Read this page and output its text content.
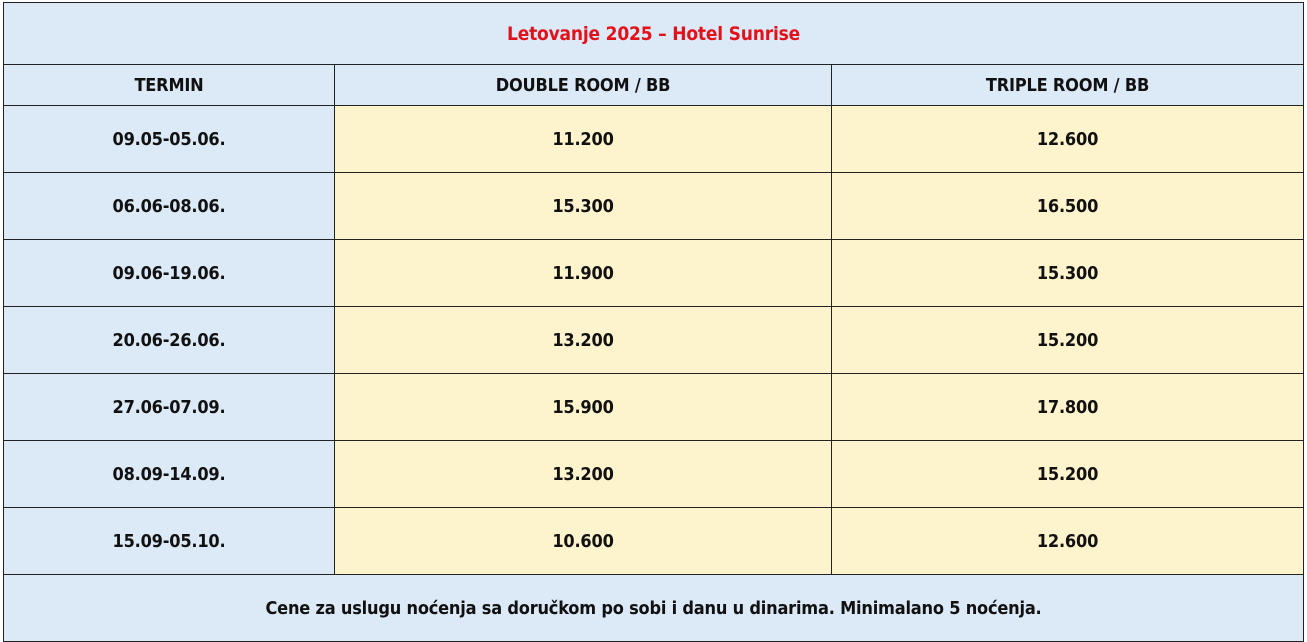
Letovanje 2025 – Hotel Sunrise		
TERMIN	DOUBLE ROOM / BB	TRIPLE ROOM / BB
09.05-05.06.	11.200	12.600
06.06-08.06.	15.300	16.500
09.06-19.06.	11.900	15.300
20.06-26.06.	13.200	15.200
27.06-07.09.	15.900	17.800
08.09-14.09.	13.200	15.200
15.09-05.10.	10.600	12.600
Cene za uslugu noćenja sa doručkom po sobi i danu u dinarima. Minimalano 5 noćenja.		
